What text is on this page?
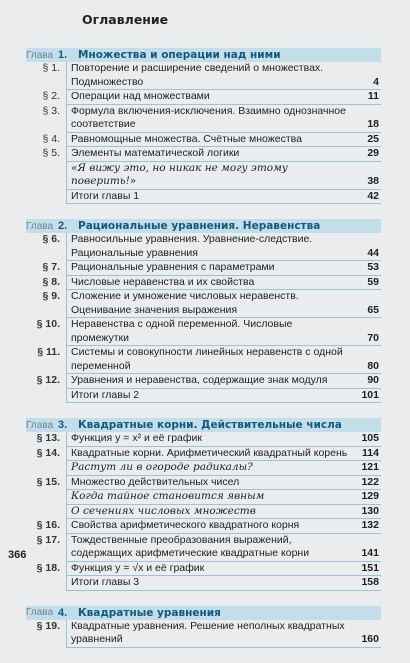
Оглавление
Глава 1.	Множества и операции над ними
§ 1.	Повторение и расширение сведений о множествах. Подмножество	4
§ 2.	Операции над множествами	11
§ 3.	Формула включения-исключения. Взаимно однозначное соответствие	18
§ 4.	Равномощные множества. Счётные множества	25
§ 5.	Элементы математической логики	29
«Я вижу это, но никак не могу этому поверить!»	38
Итоги главы 1	42
Глава 2.	Рациональные уравнения. Неравенства
§ 6.	Равносильные уравнения. Уравнение-следствие. Рациональные уравнения	44
§ 7.	Рациональные уравнения с параметрами	53
§ 8.	Числовые неравенства и их свойства	59
§ 9.	Сложение и умножение числовых неравенств. Оценивание значения выражения	65
§ 10.	Неравенства с одной переменной. Числовые промежутки	70
§ 11.	Системы и совокупности линейных неравенств с одной переменной	80
§ 12.	Уравнения и неравенства, содержащие знак модуля	90
Итоги главы 2	101
Глава 3.	Квадратные корни. Действительные числа
§ 13.	Функция y = x² и её график	105
§ 14.	Квадратные корни. Арифметический квадратный корень	114
Растут ли в огороде радикалы?	121
§ 15.	Множество действительных чисел	122
Когда тайное становится явным	129
О сечениях числовых множеств	130
§ 16.	Свойства арифметического квадратного корня	132
§ 17.	Тождественные преобразования выражений, содержащих арифметические квадратные корни	141
§ 18.	Функция y = √x и её график	151
Итоги главы 3	158
Глава 4.	Квадратные уравнения
§ 19.	Квадратные уравнения. Решение неполных квадратных уравнений	160
366
